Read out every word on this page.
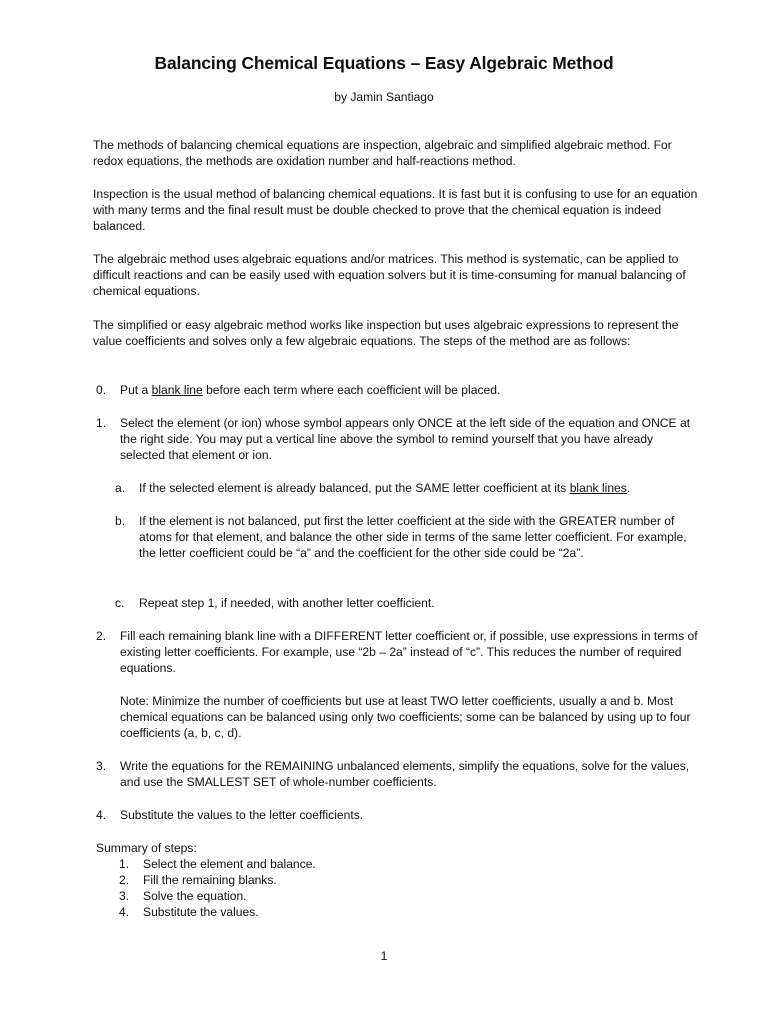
Balancing Chemical Equations – Easy Algebraic Method
by Jamin Santiago
The methods of balancing chemical equations are inspection, algebraic and simplified algebraic method. For redox equations, the methods are oxidation number and half-reactions method.
Inspection is the usual method of balancing chemical equations. It is fast but it is confusing to use for an equation with many terms and the final result must be double checked to prove that the chemical equation is indeed balanced.
The algebraic method uses algebraic equations and/or matrices. This method is systematic, can be applied to difficult reactions and can be easily used with equation solvers but it is time-consuming for manual balancing of chemical equations.
The simplified or easy algebraic method works like inspection but uses algebraic expressions to represent the value coefficients and solves only a few algebraic equations. The steps of the method are as follows:
0. Put a blank line before each term where each coefficient will be placed.
1. Select the element (or ion) whose symbol appears only ONCE at the left side of the equation and ONCE at the right side. You may put a vertical line above the symbol to remind yourself that you have already selected that element or ion.
a. If the selected element is already balanced, put the SAME letter coefficient at its blank lines.
b. If the element is not balanced, put first the letter coefficient at the side with the GREATER number of atoms for that element, and balance the other side in terms of the same letter coefficient. For example, the letter coefficient could be “a” and the coefficient for the other side could be “2a”.
c. Repeat step 1, if needed, with another letter coefficient.
2. Fill each remaining blank line with a DIFFERENT letter coefficient or, if possible, use expressions in terms of existing letter coefficients. For example, use “2b – 2a” instead of “c”. This reduces the number of required equations.
Note: Minimize the number of coefficients but use at least TWO letter coefficients, usually a and b. Most chemical equations can be balanced using only two coefficients; some can be balanced by using up to four coefficients (a, b, c, d).
3. Write the equations for the REMAINING unbalanced elements, simplify the equations, solve for the values, and use the SMALLEST SET of whole-number coefficients.
4. Substitute the values to the letter coefficients.
Summary of steps:
1. Select the element and balance.
2. Fill the remaining blanks.
3. Solve the equation.
4. Substitute the values.
1
